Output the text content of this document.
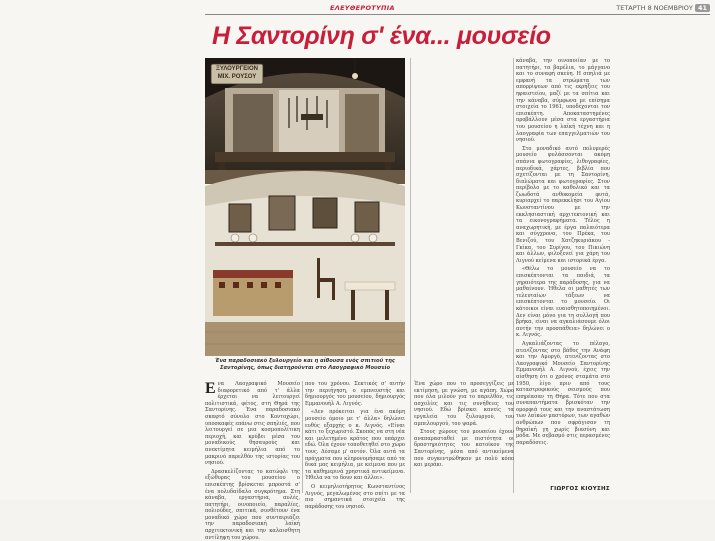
ΕΛΕΥΘΕΡΟΤΥΠΙΑ	ΤΕΤΑΡΤΗ 8 ΝΟΕΜΒΡΙΟΥ 41
Η Σαντορίνη σ' ένα... μουσείο
ΞΥΛΟΥΡΓΕΙΟΝ
ΜΙΧ. ΡΟΥΣΟΥ
Ένα παραδοσιακό ξυλουργείο και η αίθουσα ενός σπιτιού της Σαντορίνης, όπως διατηρούνται στο Λαογραφικό Μουσείο

Ενα Λαογραφικό Μουσείο διαφορετικό από τ' άλλα έρχεται να λειτουργεί πολιτιστικά, φέτος, στη Θηρά της Σαντορίνης. Ένα παραδοσιακό σκαφτό σύνολο στο Κοντοχώρι, υποσκαφές επάνω στις σπηλιές, που λειτουργεί σε μια κοσμοπολίτικη περιοχή, και κρύβει μέσα του μοναδικούς θησαυρούς και ανεκτίμητα κειμήλια από το μακρινό παρελθόν της ιστορίας του νησιού.

Δρασκελίζοντας το κατώφλι της εξώθυρας του μουσείου ο επισκέπτης βρίσκεται μπροστά σ' ένα πολυδαίδαλο συγκρότημα. Στη κάναβα, εργαστήρια, αυλές, πατητήρι, οινοποιείο, παραλίες, πολιούδες, σπιτικά, συνθέτουν ένα μοναδικό χώρο που συνταιριάζει την παραδοσιακή λαϊκή αρχιτεκτονική και την καλαισθητη αντίληψη του χώρου.

που του χρόνου. Σεκτικός σ' αυτήν την περιήγηση, ο εμπνευστής και δημιουργός του μουσείου, δημιουργός Εμμανουήλ Α. Λιγνός.

«Δεν πρόκειται για ένα ακόμη μουσείο όμοιο με τ' άλλα» δηλώνει ευθύς εξαρχής ο κ. Λιγνός. «Είναι κάτι το ξεχωριστό. Σκοπός να στη νέα και μελετημένο κράτος που υπάρχει εδώ. Όλα έχουν τοποθετηθεί στο χώρο τους. Δέσαμε μ' αυτόν. Όλα αυτά τα πράγματα που κληρονομήσαμε από τα δικά μας κειμήλια, με κείμενα που με τα καθημερινά χρηστικά αντικείμενα. Ήθελα να το δουν και άλλοι».

Ο κειμηλιοτήρητος Κωνσταντίνος Λιγνός, μεγαλωμένος στο σπίτι με τα πιο σημαντικά στοιχεία της παράδοσης του νησιού.

Ένα χώρο που το προσεγγίζεις με εκτίμηση, με γνώση, με αγάπη. Χώρο που όλα μιλούν για το παρελθόν, τις ασχολίες και τις συνήθειες του νησιού. Εδώ βρίσκει κανείς τα εργαλεία του ξυλουργού, του αμπελουργού, του ψαρά.

Στους χώρους του μουσείου έχουν αναπαρασταθεί με πιστότητα οι δραστηριότητες του κατοίκου της Σαντορίνης, μέσα από αντικείμενα που συγκεντρώθηκαν με πολύ κόπο και μεράκι.

κάναβα, την οινοποιίαν με το πατητήρι, τα βαρέλια, το μάγγανο και το συναφή σκεύη. Η σπηλιά με εμφανή τα στρώματα των απορρίψεων από τις εκρήξεις του ηφαιστείου, μαζί με τα σπίτια και την κάναβα, σύμφωνα με επίσημα στοιχεία το 1961, υποδέχονται τον επισκέπτη. Αποκαταστημένες προβάλλουν μέσα στα εργαστήρια του μουσείου η λαϊκή τέχνη και η λαογραφία των επαγγελματιών του νησιού.

Στο μοναδικό αυτό πολυμερές μουσείο φυλάσσονται ακόμη σπάνια φωτογραφίες, λιθογραφίες, περιοδικά, χάρτες, βιβλία που σχετίζονται με τη Σαντορίνη, διπλώματα και φωτογραφίες. Στον περίβολο με το καθολικό και τα ζωωδοτά ανθοκομεία φυτά, κυριαρχεί το παρεκκλήσι του Αγίου Κωνσταντίνου με την εκκλησιαστική αρχιτεκτονική και τα εικονογραφήματα. Τέλος η αναχωρητική, με έργα παλαιότερα και σύγχρονα, του Πρέκα, του Βενιζού, του Χατζηκυριάκου - Γκίκα, του Συρίγου, του Πικιώνη και άλλων, φιλοξενεί για χάρη του Λιγνού κείμενα και ιστορικά έργα.

«Θέλω το μουσείο να το επισκέπτονται τα παιδιά, τα γηραιότερα της παράδοσης, για να μαθαίνουν. Ήθελα οι μαθητές των τελευταίων τάξεων να επισκέπτονται το μουσείο. Οι κάτοικοι είναι ευαισθητοποιημένοι. Δεν είναι μόνο για τη συλλογή που βρήκα, είναι να αγκαλιάσουμε όλοι αυτήν την προσπάθεια» δηλώνει ο κ. Λιγνός.

Αγκαλιάζοντας το πέλαγο, ατενίζοντας στο βάθος την Ανάφη και την Αμοργό, ατενίζοντας στο Λαογραφικό Μουσείο Σαντορίνης Εμμανουήλ Α. Λιγνού, έχεις την αίσθηση ότι ο χρόνος σταμάτα στο 1950, λίγο πριν από τους καταστροφικούς σεισμούς που επηρέασαν τη Θήρα. Τότε που στα συναπαντήματα βρισκόταν την ομορφιά τους και την αναστάτωση των λαϊκών μαστόρων, των αγαθών ανθρώπων που σφράγισαν τη θηραϊκή γη χωρίς βιασύνη και μόδα. Με σεβασμό στις περασμένες παραδόσεις.

ΓΙΩΡΓΟΣ ΚΙΟΥΣΗΣ
